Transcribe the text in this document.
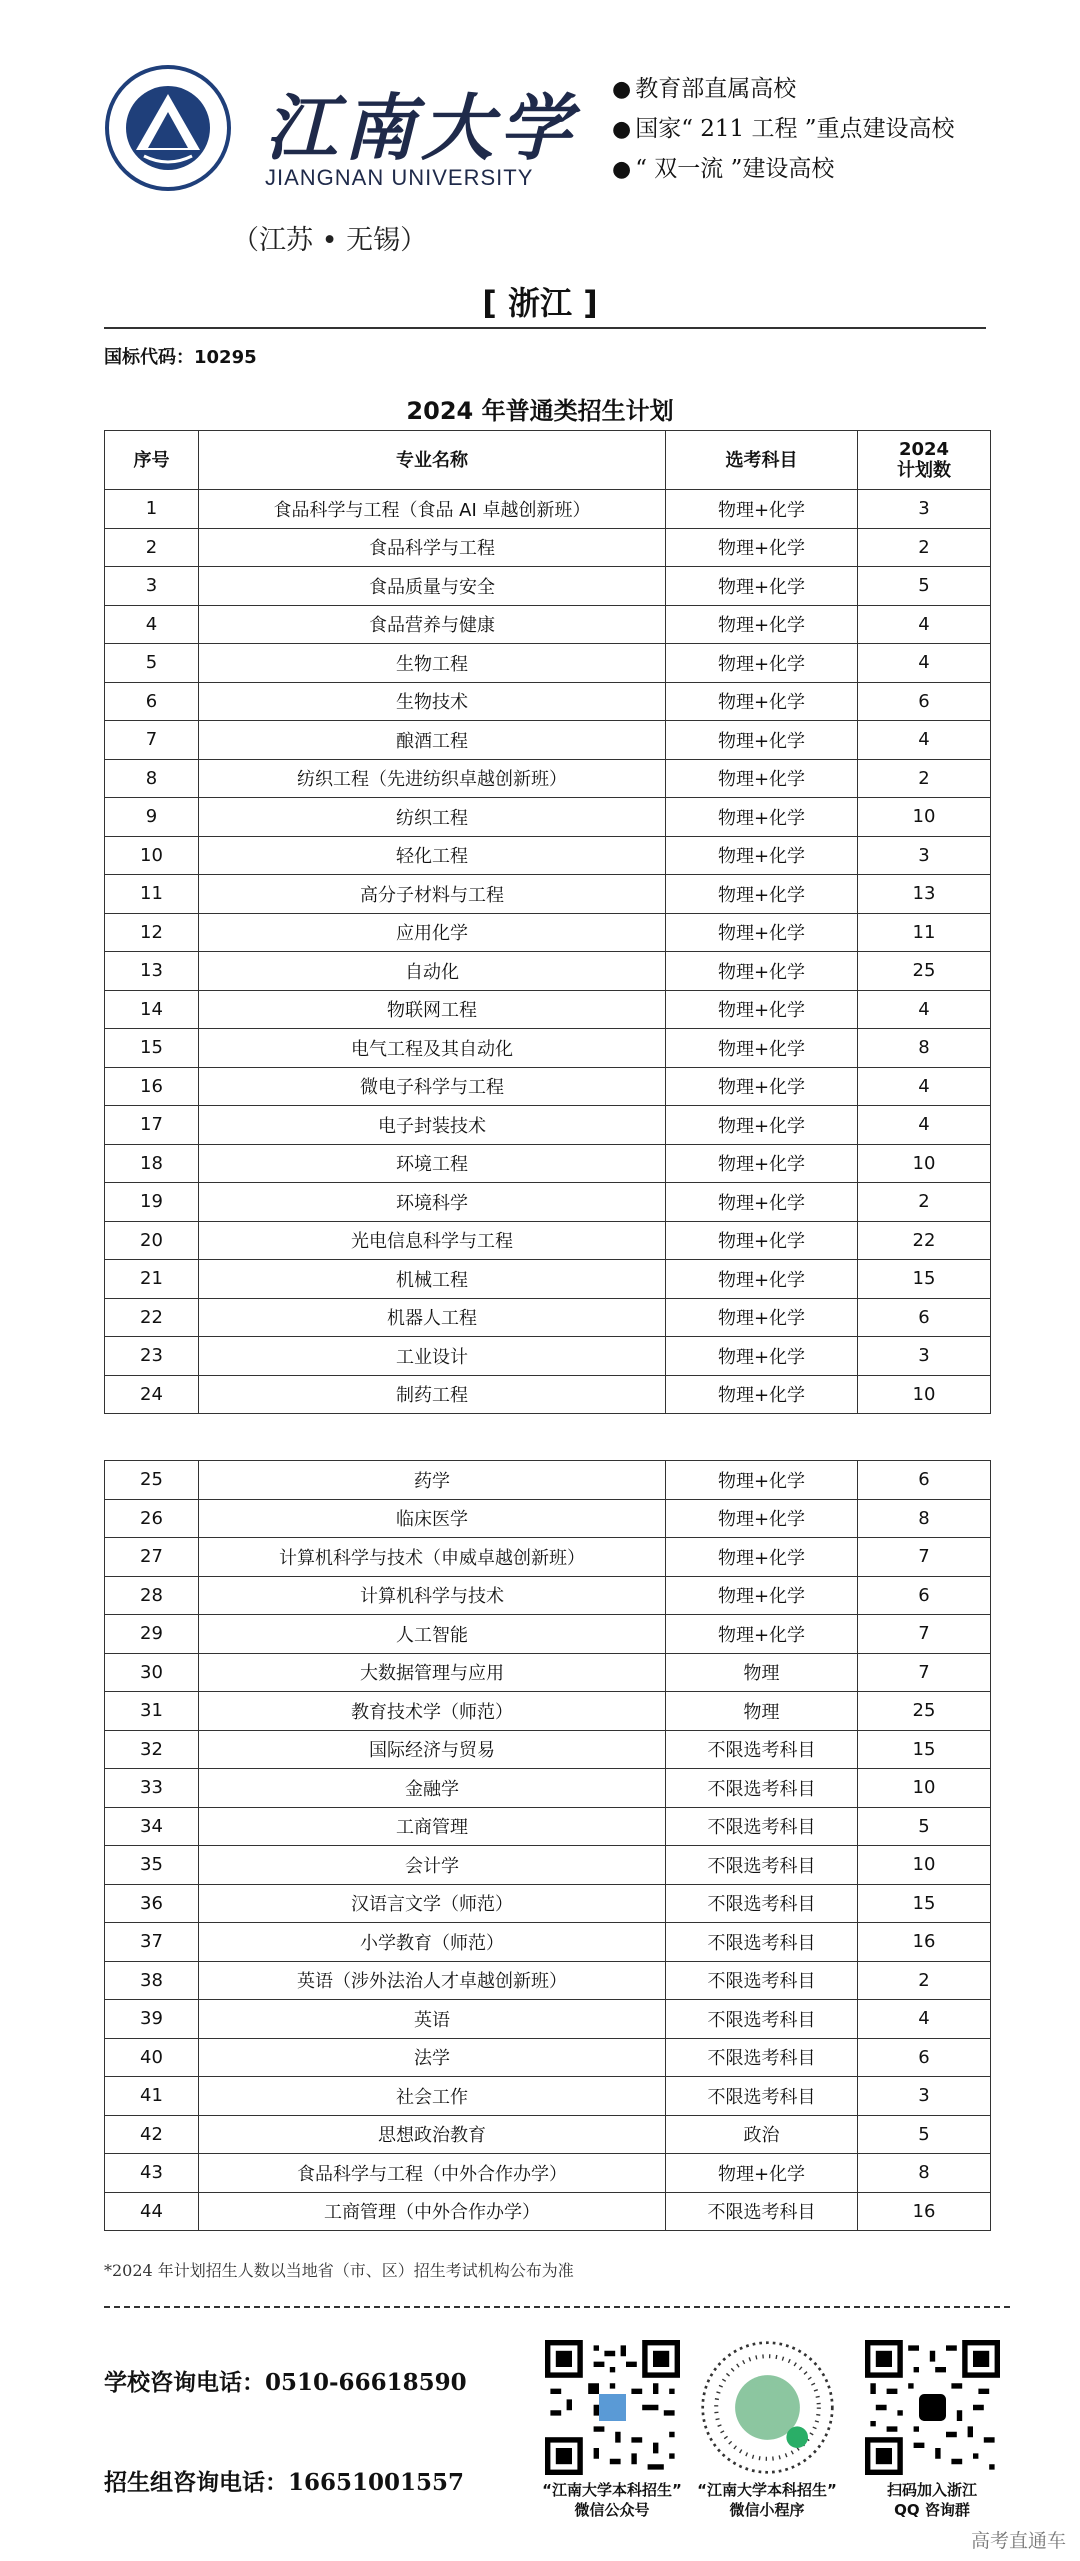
江南大学
JIANGNAN UNIVERSITY
（江苏 • 无锡）
● 教育部直属高校
● 国家“ 211 工程 ”重点建设高校
● “ 双一流 ”建设高校
[ 浙江 ]
国标代码：10295
2024 年普通类招生计划
序号	专业名称	选考科目	2024
计划数
1	食品科学与工程（食品 AI 卓越创新班）	物理+化学	3
2	食品科学与工程	物理+化学	2
3	食品质量与安全	物理+化学	5
4	食品营养与健康	物理+化学	4
5	生物工程	物理+化学	4
6	生物技术	物理+化学	6
7	酿酒工程	物理+化学	4
8	纺织工程（先进纺织卓越创新班）	物理+化学	2
9	纺织工程	物理+化学	10
10	轻化工程	物理+化学	3
11	高分子材料与工程	物理+化学	13
12	应用化学	物理+化学	11
13	自动化	物理+化学	25
14	物联网工程	物理+化学	4
15	电气工程及其自动化	物理+化学	8
16	微电子科学与工程	物理+化学	4
17	电子封装技术	物理+化学	4
18	环境工程	物理+化学	10
19	环境科学	物理+化学	2
20	光电信息科学与工程	物理+化学	22
21	机械工程	物理+化学	15
22	机器人工程	物理+化学	6
23	工业设计	物理+化学	3
24	制药工程	物理+化学	10
25	药学	物理+化学	6
26	临床医学	物理+化学	8
27	计算机科学与技术（申威卓越创新班）	物理+化学	7
28	计算机科学与技术	物理+化学	6
29	人工智能	物理+化学	7
30	大数据管理与应用	物理	7
31	教育技术学（师范）	物理	25
32	国际经济与贸易	不限选考科目	15
33	金融学	不限选考科目	10
34	工商管理	不限选考科目	5
35	会计学	不限选考科目	10
36	汉语言文学（师范）	不限选考科目	15
37	小学教育（师范）	不限选考科目	16
38	英语（涉外法治人才卓越创新班）	不限选考科目	2
39	英语	不限选考科目	4
40	法学	不限选考科目	6
41	社会工作	不限选考科目	3
42	思想政治教育	政治	5
43	食品科学与工程（中外合作办学）	物理+化学	8
44	工商管理（中外合作办学）	不限选考科目	16
*2024 年计划招生人数以当地省（市、区）招生考试机构公布为准
学校咨询电话：0510-66618590
招生组咨询电话：16651001557	“江南大学本科招生”
微信公众号
“江南大学本科招生”
微信小程序
扫码加入浙江
QQ 咨询群
高考直通车
